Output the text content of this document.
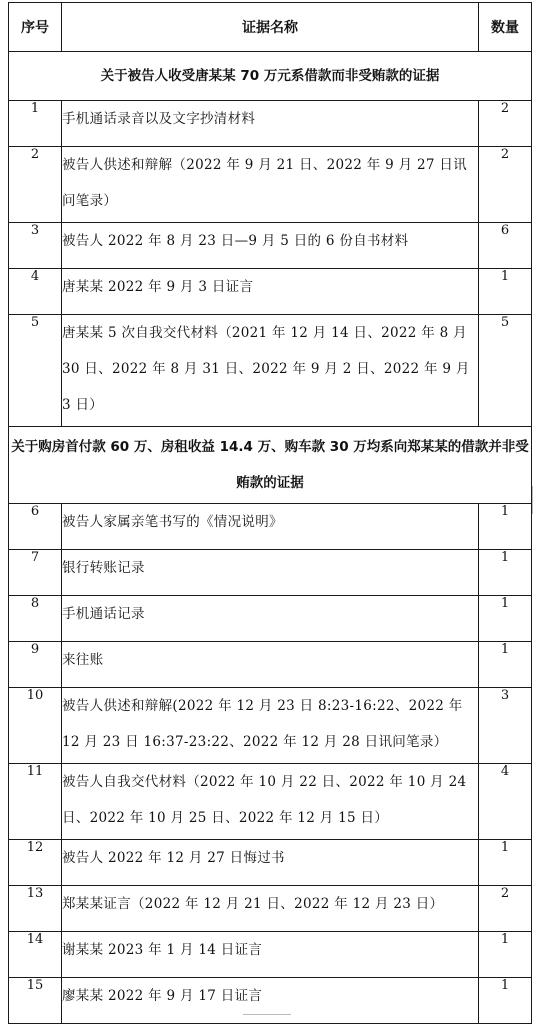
序号	证据名称	数量
关于被告人收受唐某某 70 万元系借款而非受贿款的证据		
1	手机通话录音以及文字抄清材料	2
2	被告人供述和辩解（2022 年 9 月 21 日、2022 年 9 月 27 日讯问笔录）	2
3	被告人 2022 年 8 月 23 日—9 月 5 日的 6 份自书材料	6
4	唐某某 2022 年 9 月 3 日证言	1
5	唐某某 5 次自我交代材料（2021 年 12 月 14 日、2022 年 8 月 30 日、2022 年 8 月 31 日、2022 年 9 月 2 日、2022 年 9 月 3 日）	5
关于购房首付款 60 万、房租收益 14.4 万、购车款 30 万均系向郑某某的借款并非受贿款的证据		
6	被告人家属亲笔书写的《情况说明》	1
7	银行转账记录	1
8	手机通话记录	1
9	来往账	1
10	被告人供述和辩解(2022 年 12 月 23 日 8:23-16:22、2022 年 12 月 23 日 16:37-23:22、2022 年 12 月 28 日讯问笔录）	3
11	被告人自我交代材料（2022 年 10 月 22 日、2022 年 10 月 24 日、2022 年 10 月 25 日、2022 年 12 月 15 日）	4
12	被告人 2022 年 12 月 27 日悔过书	1
13	郑某某证言（2022 年 12 月 21 日、2022 年 12 月 23 日）	2
14	谢某某 2023 年 1 月 14 日证言	1
15	廖某某 2022 年 9 月 17 日证言	1
